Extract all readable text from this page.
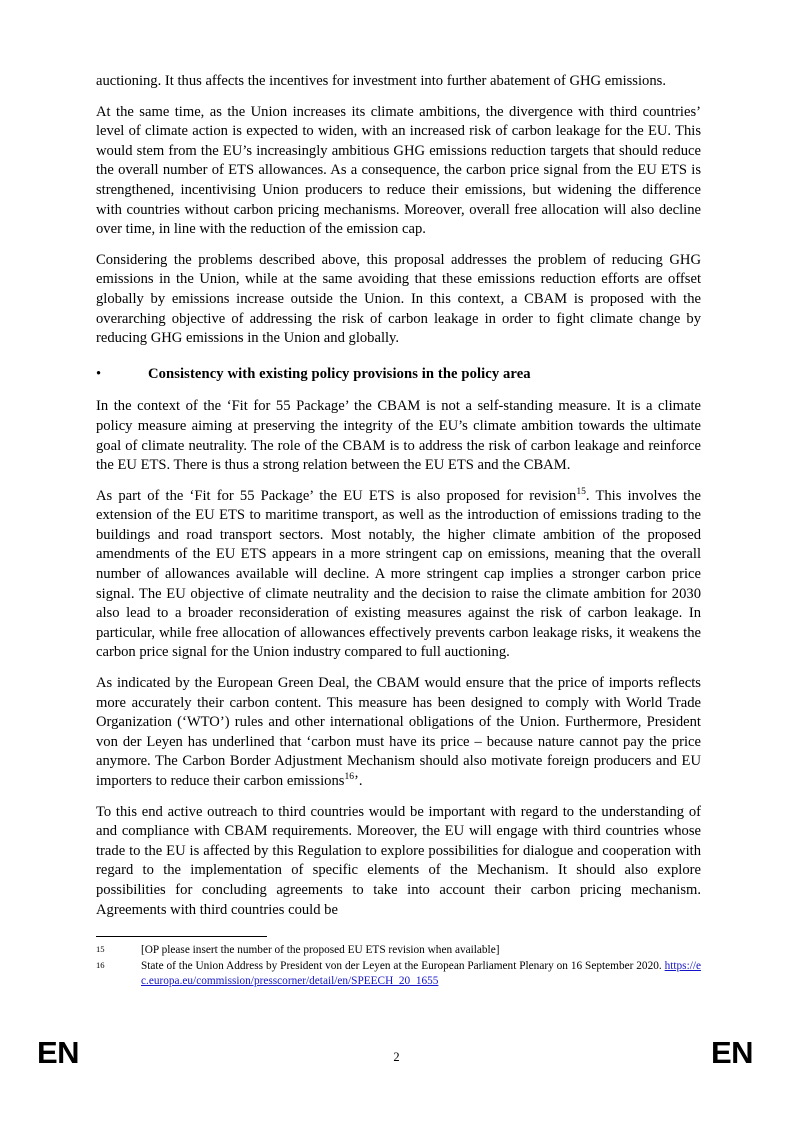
auctioning. It thus affects the incentives for investment into further abatement of GHG emissions.

At the same time, as the Union increases its climate ambitions, the divergence with third countries’ level of climate action is expected to widen, with an increased risk of carbon leakage for the EU. This would stem from the EU’s increasingly ambitious GHG emissions reduction targets that should reduce the overall number of ETS allowances. As a consequence, the carbon price signal from the EU ETS is strengthened, incentivising Union producers to reduce their emissions, but widening the difference with countries without carbon pricing mechanisms. Moreover, overall free allocation will also decline over time, in line with the reduction of the emission cap.

Considering the problems described above, this proposal addresses the problem of reducing GHG emissions in the Union, while at the same avoiding that these emissions reduction efforts are offset globally by emissions increase outside the Union. In this context, a CBAM is proposed with the overarching objective of addressing the risk of carbon leakage in order to fight climate change by reducing GHG emissions in the Union and globally.

•	Consistency with existing policy provisions in the policy area

In the context of the ‘Fit for 55 Package’ the CBAM is not a self-standing measure. It is a climate policy measure aiming at preserving the integrity of the EU’s climate ambition towards the ultimate goal of climate neutrality. The role of the CBAM is to address the risk of carbon leakage and reinforce the EU ETS. There is thus a strong relation between the EU ETS and the CBAM.

As part of the ‘Fit for 55 Package’ the EU ETS is also proposed for revision$^{15}$. This involves the extension of the EU ETS to maritime transport, as well as the introduction of emissions trading to the buildings and road transport sectors. Most notably, the higher climate ambition of the proposed amendments of the EU ETS appears in a more stringent cap on emissions, meaning that the overall number of allowances available will decline. A more stringent cap implies a stronger carbon price signal. The EU objective of climate neutrality and the decision to raise the climate ambition for 2030 also lead to a broader reconsideration of existing measures against the risk of carbon leakage. In particular, while free allocation of allowances effectively prevents carbon leakage risks, it weakens the carbon price signal for the Union industry compared to full auctioning.

As indicated by the European Green Deal, the CBAM would ensure that the price of imports reflects more accurately their carbon content. This measure has been designed to comply with World Trade Organization (‘WTO’) rules and other international obligations of the Union. Furthermore, President von der Leyen has underlined that ‘carbon must have its price – because nature cannot pay the price anymore. The Carbon Border Adjustment Mechanism should also motivate foreign producers and EU importers to reduce their carbon emissions$^{16}$’.

To this end active outreach to third countries would be important with regard to the understanding of and compliance with CBAM requirements. Moreover, the EU will engage with third countries whose trade to the EU is affected by this Regulation to explore possibilities for dialogue and cooperation with regard to the implementation of specific elements of the Mechanism. It should also explore possibilities for concluding agreements to take into account their carbon pricing mechanism. Agreements with third countries could be

15	[OP please insert the number of the proposed EU ETS revision when available]
16	State of the Union Address by President von der Leyen at the European Parliament Plenary on 16 September 2020. https://ec.europa.eu/commission/presscorner/detail/en/SPEECH_20_1655
EN	2	EN
